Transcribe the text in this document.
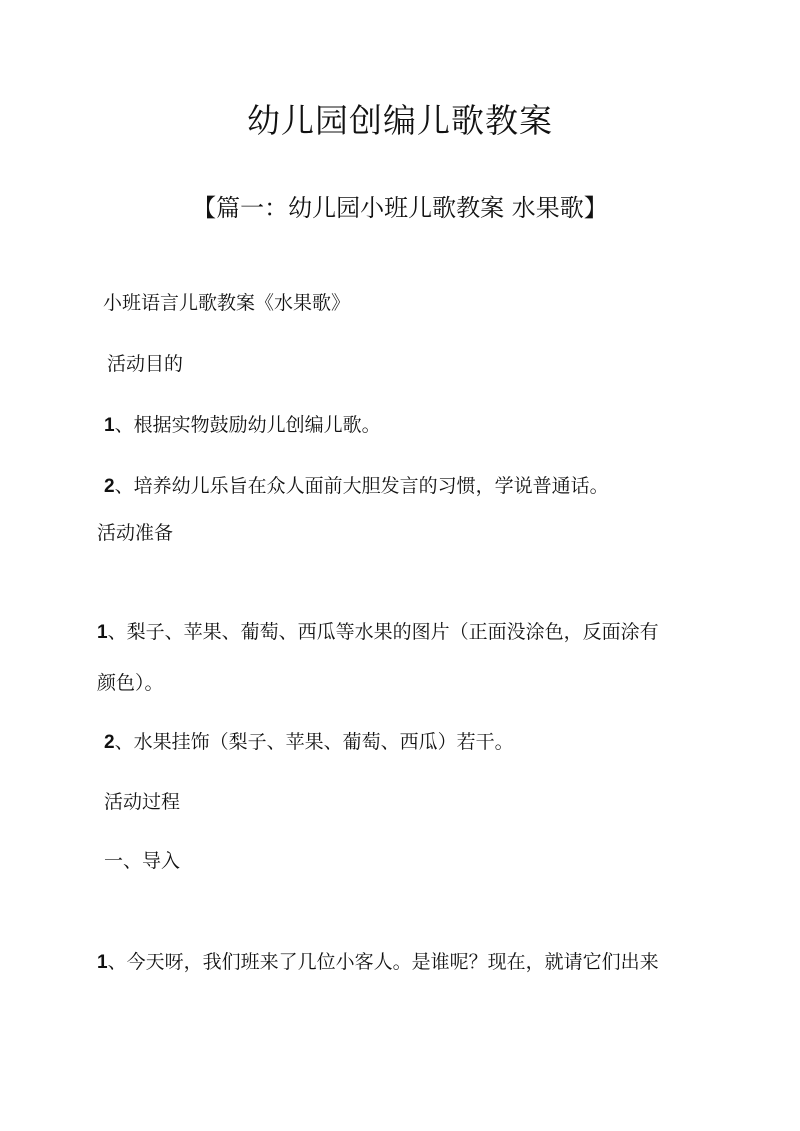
幼儿园创编儿歌教案
【篇一：幼儿园小班儿歌教案 水果歌】
小班语言儿歌教案《水果歌》
活动目的
1、根据实物鼓励幼儿创编儿歌。
2、培养幼儿乐旨在众人面前大胆发言的习惯，学说普通话。
活动准备
1、梨子、苹果、葡萄、西瓜等水果的图片（正面没涂色，反面涂有
颜色）。
2、水果挂饰（梨子、苹果、葡萄、西瓜）若干。
活动过程
一、导入
1、今天呀，我们班来了几位小客人。是谁呢？现在，就请它们出来
